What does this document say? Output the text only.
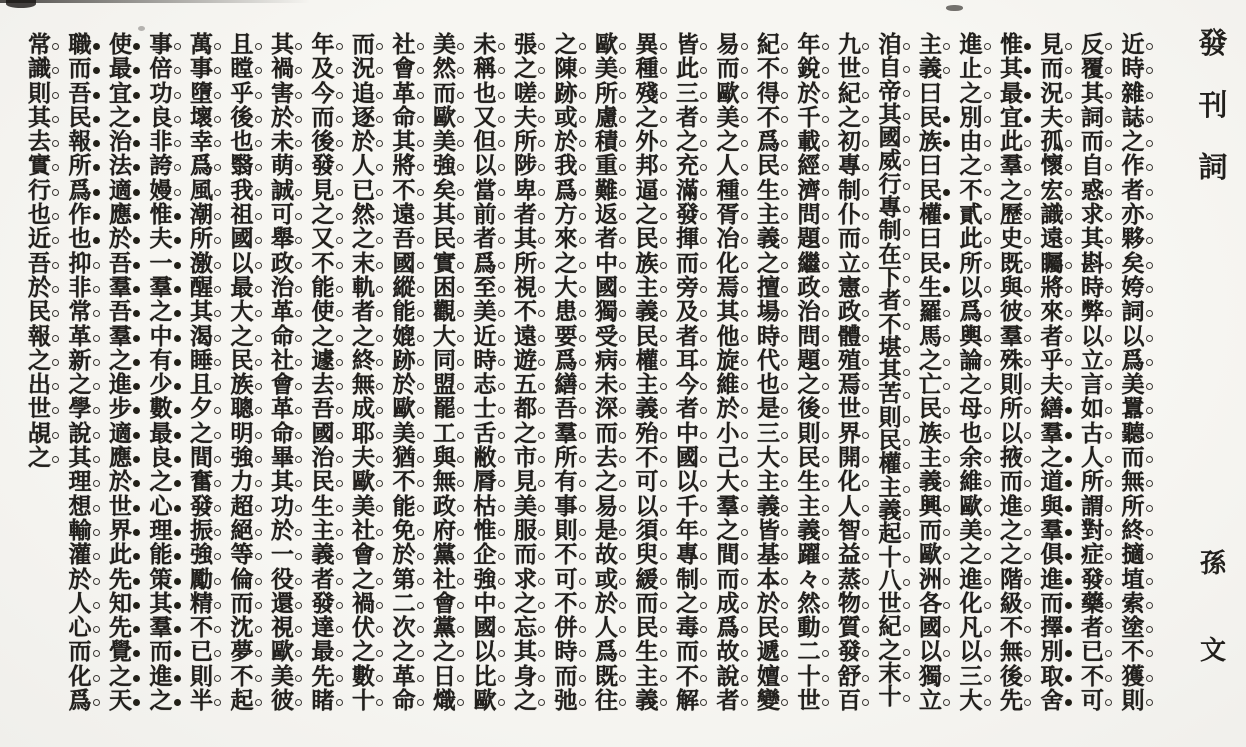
發
刊
詞
孫
文
近
時
雜
誌
之
作
者
亦
夥
矣
姱
詞
以
爲
美
囂
聽
而
無
所
終
擿
埴
索
塗
不
獲
則
反
覆
其
詞
而
自
惑
求
其
斟
時
弊
以
立
言
如
古
人
所
謂
對
症
發
藥
者
已
不
可
見
而
況
夫
孤
懷
宏
識
遠
矚
將
來
者
乎
夫
繕
羣
之
道
與
羣
俱
進
而
擇
別
取
舍
惟
其
最
宜
此
羣
之
歷
史
既
與
彼
羣
殊
則
所
以
掖
而
進
之
之
階
級
不
無
後
先
進
止
之
別
由
之
不
貳
此
所
以
爲
輿
論
之
母
也
余
維
歐
美
之
進
化
凡
以
三
大
主
義
曰
民
族
曰
民
權
曰
民
生
羅
馬
之
亡
民
族
主
義
興
而
歐
洲
各
國
以
獨
立
洎
自
帝
其
國
威
行
專
制
在
下
者
不
堪
其
苦
則
民
權
主
義
起
十
八
世
紀
之
末
十
九
世
紀
之
初
專
制
仆
而
立
憲
政
體
殖
焉
世
界
開
化
人
智
益
蒸
物
質
發
舒
百
年
銳
於
千
載
經
濟
問
題
繼
政
治
問
題
之
後
則
民
生
主
義
躍
々
然
動
二
十
世
紀
不
得
不
爲
民
生
主
義
之
擅
場
時
代
也
是
三
大
主
義
皆
基
本
於
民
遞
嬗
變
易
而
歐
美
之
人
種
胥
冶
化
焉
其
他
旋
維
於
小
己
大
羣
之
間
而
成
爲
故
說
者
皆
此
三
者
之
充
滿
發
揮
而
旁
及
者
耳
今
者
中
國
以
千
年
專
制
之
毒
而
不
解
異
種
殘
之
外
邦
逼
之
民
族
主
義
民
權
主
義
殆
不
可
以
須
臾
緩
而
民
生
主
義
歐
美
所
慮
積
重
難
返
者
中
國
獨
受
病
未
深
而
去
之
易
是
故
或
於
人
爲
既
往
之
陳
跡
或
於
我
爲
方
來
之
大
患
要
爲
繕
吾
羣
所
有
事
則
不
可
不
併
時
而
弛
張
之
嗟
夫
所
陟
卑
者
其
所
視
不
遠
遊
五
都
之
市
見
美
服
而
求
之
忘
其
身
之
未
稱
也
又
但
以
當
前
者
爲
至
美
近
時
志
士
舌
敝
脣
枯
惟
企
強
中
國
以
比
歐
美
然
而
歐
美
強
矣
其
民
實
困
觀
大
同
盟
罷
工
與
無
政
府
黨
社
會
黨
之
日
熾
社
會
革
命
其
將
不
遠
吾
國
縱
能
媲
跡
於
歐
美
猶
不
能
免
於
第
二
次
之
革
命
而
況
追
逐
於
人
已
然
之
末
軌
者
之
終
無
成
耶
夫
歐
美
社
會
之
禍
伏
之
數
十
年
及
今
而
後
發
見
之
又
不
能
使
之
遽
去
吾
國
治
民
生
主
義
者
發
達
最
先
睹
其
禍
害
於
未
萌
誠
可
舉
政
治
革
命
社
會
革
命
畢
其
功
於
一
役
還
視
歐
美
彼
且
瞠
乎
後
也
翳
我
祖
國
以
最
大
之
民
族
聰
明
強
力
超
絕
等
倫
而
沈
夢
不
起
萬
事
墮
壞
幸
爲
風
潮
所
激
醒
其
渴
睡
且
夕
之
間
奮
發
振
強
勵
精
不
已
則
半
事
倍
功
良
非
誇
嫚
惟
夫
一
羣
之
中
有
少
數
最
良
之
心
理
能
策
其
羣
而
進
之
使
最
宜
之
治
法
適
應
於
吾
羣
吾
羣
之
進
步
適
應
於
世
界
此
先
知
先
覺
之
天
職
而
吾
民
報
所
爲
作
也
抑
非
常
革
新
之
學
說
其
理
想
輸
灌
於
人
心
而
化
爲
常
識
則
其
去
實
行
也
近
吾
於
民
報
之
出
世
覘
之
